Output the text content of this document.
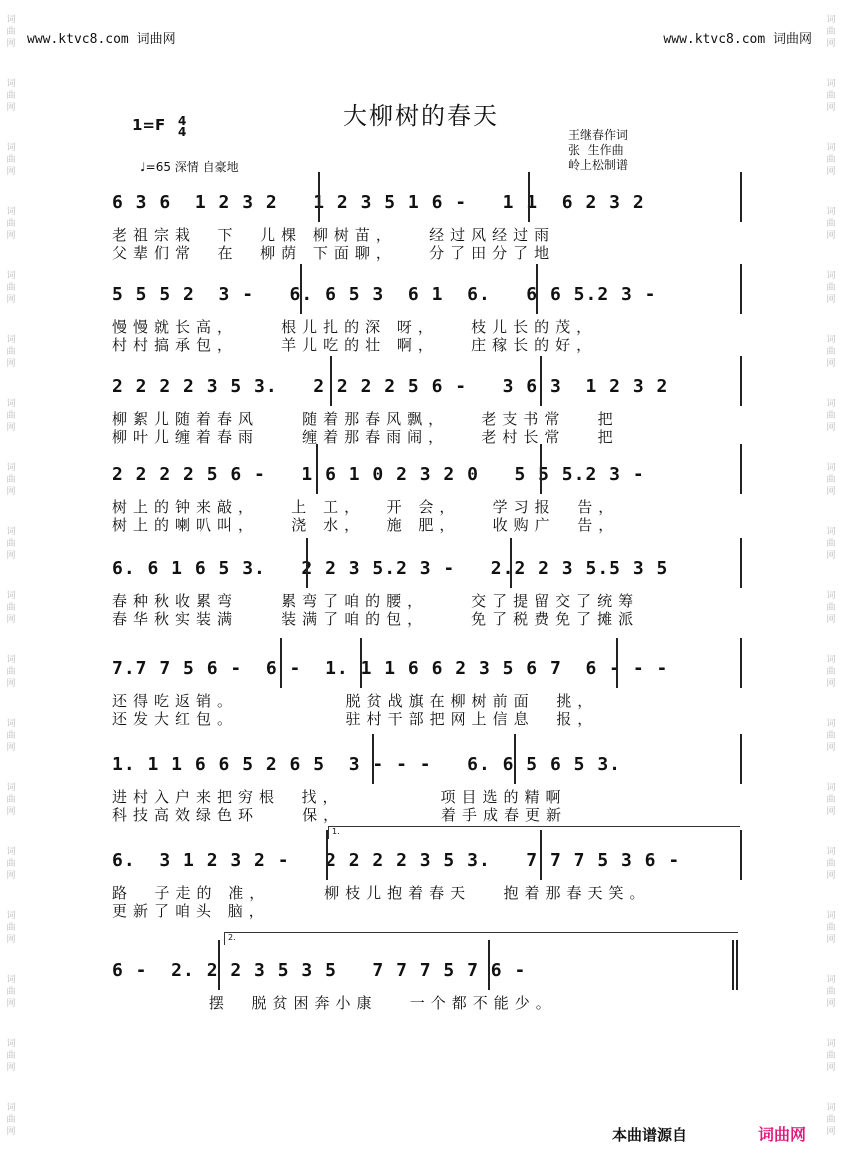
词
曲
网
词
曲
网
词
曲
网
词
曲
网
词
曲
网
词
曲
网
词
曲
网
词
曲
网
词
曲
网
词
曲
网
词
曲
网
词
曲
网
词
曲
网
词
曲
网
词
曲
网
词
曲
网
词
曲
网
词
曲
网
词
曲
网
词
曲
网
词
曲
网
词
曲
网
词
曲
网
词
曲
网
词
曲
网
词
曲
网
词
曲
网
词
曲
网
词
曲
网
词
曲
网
词
曲
网
词
曲
网
词
曲
网
词
曲
网
词
曲
网
词
曲
网
www.ktvc8.com 词曲网	www.ktvc8.com 词曲网
大柳树的春天
1=F 4
4
♩=65 深情 自豪地
王继春作词
张  生作曲
岭上松制谱
6 3 6  1 2 3 2   1 2 3 5 1 6 -   1 1  6 2 3 2
老祖宗栽  下  儿棵 柳树苗，   经过风经过雨
父辈们常  在  柳荫 下面聊，   分了田分了地
5 5 5 2  3 -   6. 6 5 3  6 1  6.   6 6 5.2 3 -
慢慢就长高，    根儿扎的深 呀，   枝儿长的茂，
村村搞承包，    羊儿吃的壮 啊，   庄稼长的好，
2 2 2 2 3 5 3.   2 2 2 2 5 6 -   3 6 3  1 2 3 2
柳絮儿随着春风    随着那春风飘，   老支书常   把
柳叶儿缠着春雨    缠着那春雨闹，   老村长常   把
2 2 2 2 5 6 -   1 6 1 0 2 3 2 0   5 5 5.2 3 -
树上的钟来敲，   上 工，  开 会，   学习报  告，
树上的喇叭叫，   浇 水，  施 肥，   收购广  告，
6. 6 1 6 5 3.   2 2 3 5.2 3 -   2.2 2 3 5.5 3 5
春种秋收累弯    累弯了咱的腰，    交了提留交了统筹
春华秋实装满    装满了咱的包，    免了税费免了摊派
7.7 7 5 6 -  6 -  1. 1 1 6 6 2 3 5 6 7  6 - - -
还得吃返销。          脱贫战旗在柳树前面  挑，
还发大红包。          驻村干部把网上信息  报，
1. 1 1 6 6 5 2 6 5  3 - - -   6. 6 5 6 5 3.
进村入户来把穷根  找，         项目选的精啊
科技高效绿色环    保，         着手成春更新
6.  3 1 2 3 2 -   2 2 2 2 3 5 3.   7 7 7 5 3 6 -
路  子走的 准，     柳枝儿抱着春天   抱着那春天笑。
更新了咱头 脑，
6 -  2. 2 2 3 5 3 5   7 7 7 5 7 6 -
摆  脱贫困奔小康   一个都不能少。
1.
2.
本曲谱源自	词曲网
